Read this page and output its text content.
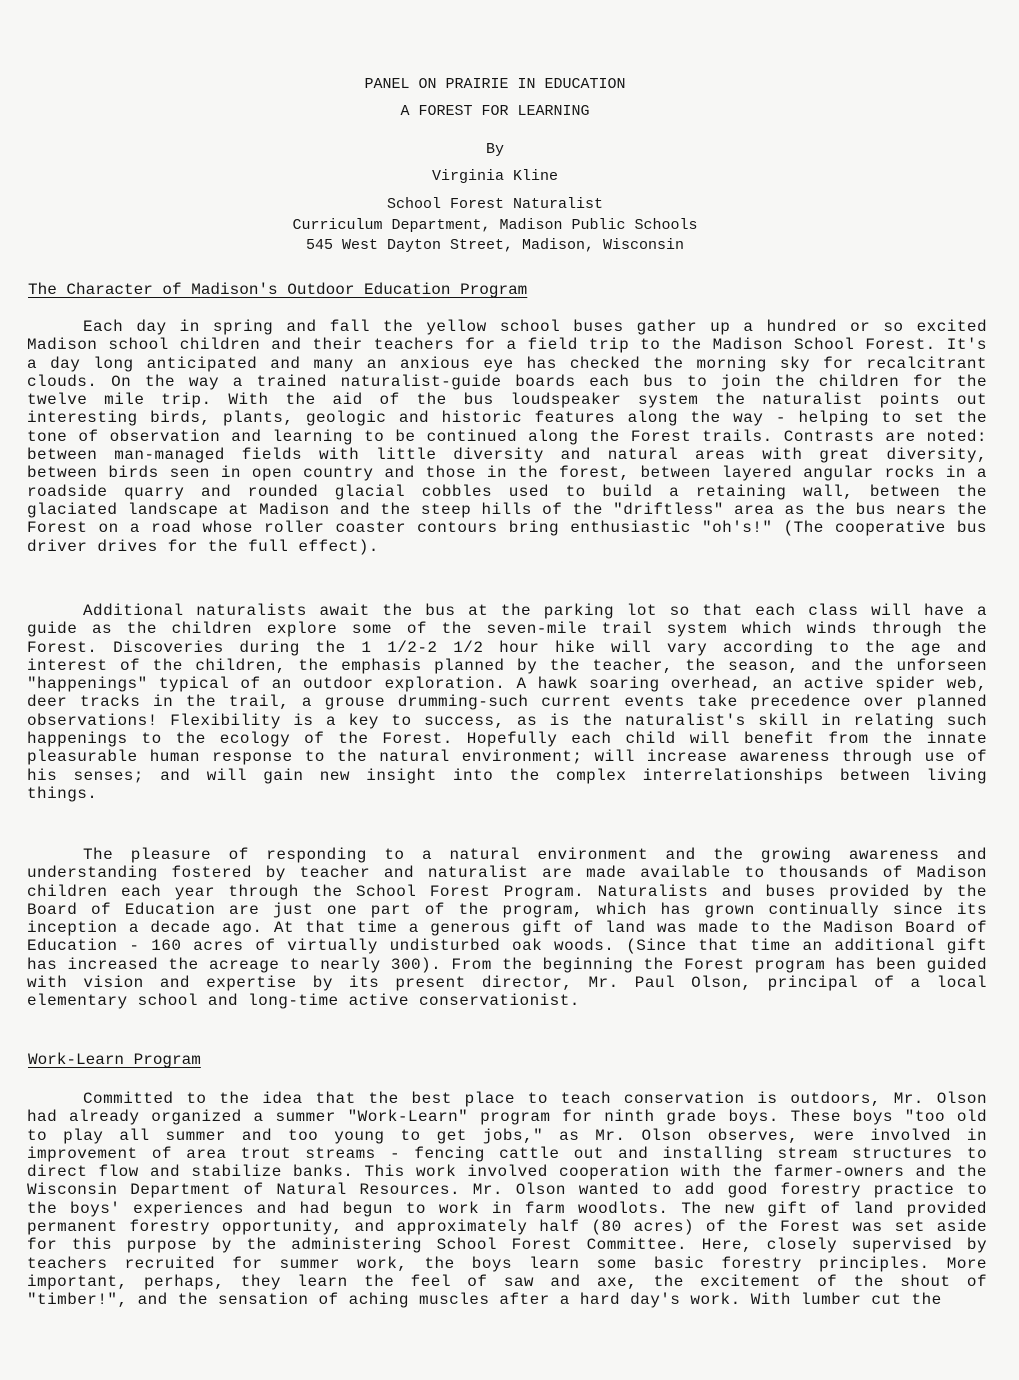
PANEL ON PRAIRIE IN EDUCATION
A FOREST FOR LEARNING
By
Virginia Kline
School Forest Naturalist
Curriculum Department, Madison Public Schools
545 West Dayton Street, Madison, Wisconsin
The Character of Madison's Outdoor Education Program

Each day in spring and fall the yellow school buses gather up a hundred or so excited Madison school children and their teachers for a field trip to the Madison School Forest. It's a day long anticipated and many an anxious eye has checked the morning sky for recalcitrant clouds. On the way a trained naturalist-guide boards each bus to join the children for the twelve mile trip. With the aid of the bus loudspeaker system the naturalist points out interesting birds, plants, geologic and historic features along the way - helping to set the tone of observation and learning to be continued along the Forest trails. Contrasts are noted: between man-managed fields with little diversity and natural areas with great diversity, between birds seen in open country and those in the forest, between layered angular rocks in a roadside quarry and rounded glacial cobbles used to build a retaining wall, between the glaciated landscape at Madison and the steep hills of the "driftless" area as the bus nears the Forest on a road whose roller coaster contours bring enthusiastic "oh's!" (The cooperative bus driver drives for the full effect).

Additional naturalists await the bus at the parking lot so that each class will have a guide as the children explore some of the seven-mile trail system which winds through the Forest. Discoveries during the 1 1/2-2 1/2 hour hike will vary according to the age and interest of the children, the emphasis planned by the teacher, the season, and the unforseen "happenings" typical of an outdoor exploration. A hawk soaring overhead, an active spider web, deer tracks in the trail, a grouse drumming-such current events take precedence over planned observations! Flexibility is a key to success, as is the naturalist's skill in relating such happenings to the ecology of the Forest. Hopefully each child will benefit from the innate pleasurable human response to the natural environment; will increase awareness through use of his senses; and will gain new insight into the complex interrelationships between living things.

The pleasure of responding to a natural environment and the growing awareness and understanding fostered by teacher and naturalist are made available to thousands of Madison children each year through the School Forest Program. Naturalists and buses provided by the Board of Education are just one part of the program, which has grown continually since its inception a decade ago. At that time a generous gift of land was made to the Madison Board of Education - 160 acres of virtually undisturbed oak woods. (Since that time an additional gift has increased the acreage to nearly 300). From the beginning the Forest program has been guided with vision and expertise by its present director, Mr. Paul Olson, principal of a local elementary school and long-time active conservationist.

Work-Learn Program

Committed to the idea that the best place to teach conservation is outdoors, Mr. Olson had already organized a summer "Work-Learn" program for ninth grade boys. These boys "too old to play all summer and too young to get jobs," as Mr. Olson observes, were involved in improvement of area trout streams - fencing cattle out and installing stream structures to direct flow and stabilize banks. This work involved cooperation with the farmer-owners and the Wisconsin Department of Natural Resources. Mr. Olson wanted to add good forestry practice to the boys' experiences and had begun to work in farm woodlots. The new gift of land provided permanent forestry opportunity, and approximately half (80 acres) of the Forest was set aside for this purpose by the administering School Forest Committee. Here, closely supervised by teachers recruited for summer work, the boys learn some basic forestry principles. More important, perhaps, they learn the feel of saw and axe, the excitement of the shout of "timber!", and the sensation of aching muscles after a hard day's work. With lumber cut the
